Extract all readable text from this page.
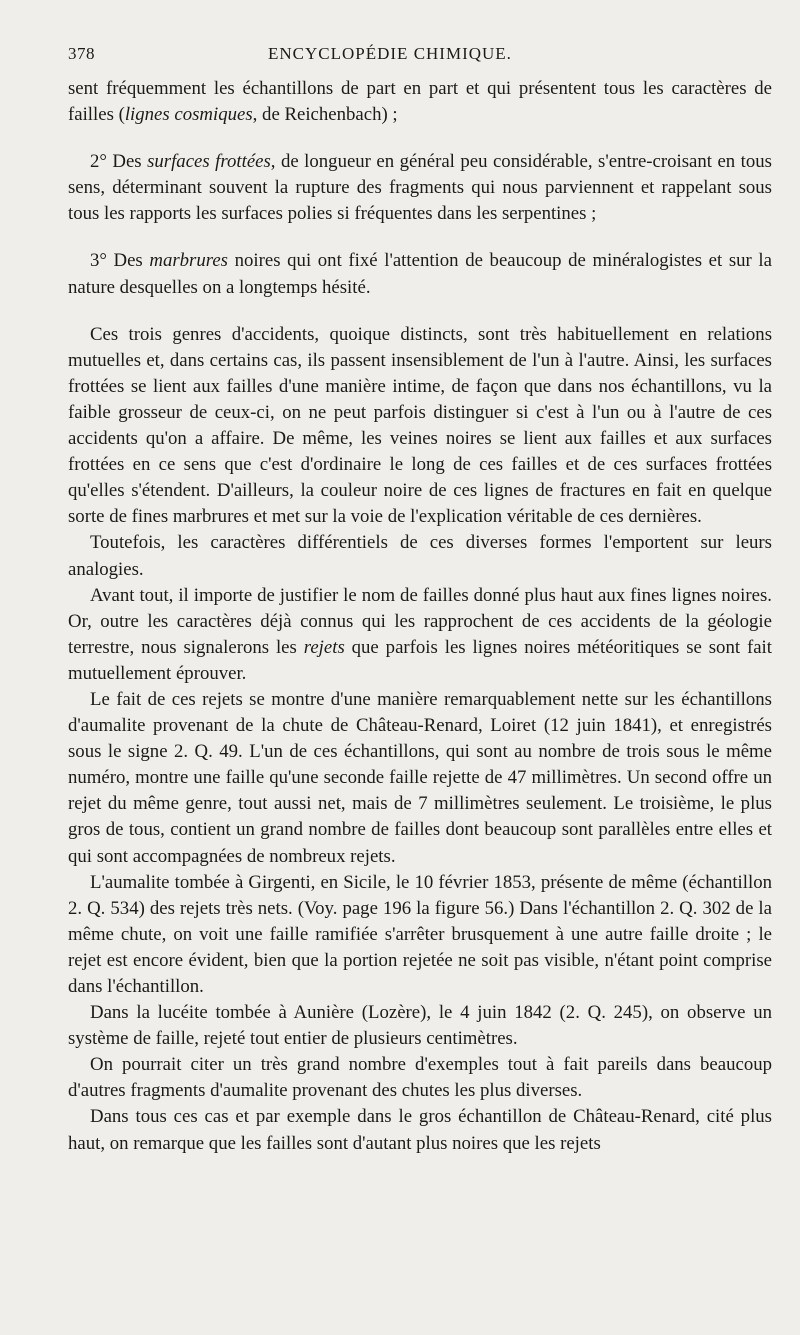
378	ENCYCLOPÉDIE CHIMIQUE.

sent fréquemment les échantillons de part en part et qui présentent tous les caractères de failles (lignes cosmiques, de Reichenbach) ;

2° Des surfaces frottées, de longueur en général peu considérable, s'entre-croisant en tous sens, déterminant souvent la rupture des fragments qui nous parviennent et rappelant sous tous les rapports les surfaces polies si fréquentes dans les serpentines ;

3° Des marbrures noires qui ont fixé l'attention de beaucoup de minéralogistes et sur la nature desquelles on a longtemps hésité.

Ces trois genres d'accidents, quoique distincts, sont très habituellement en relations mutuelles et, dans certains cas, ils passent insensiblement de l'un à l'autre. Ainsi, les surfaces frottées se lient aux failles d'une manière intime, de façon que dans nos échantillons, vu la faible grosseur de ceux-ci, on ne peut parfois distinguer si c'est à l'un ou à l'autre de ces accidents qu'on a affaire. De même, les veines noires se lient aux failles et aux surfaces frottées en ce sens que c'est d'ordinaire le long de ces failles et de ces surfaces frottées qu'elles s'étendent. D'ailleurs, la couleur noire de ces lignes de fractures en fait en quelque sorte de fines marbrures et met sur la voie de l'explication véritable de ces dernières.

Toutefois, les caractères différentiels de ces diverses formes l'emportent sur leurs analogies.

Avant tout, il importe de justifier le nom de failles donné plus haut aux fines lignes noires. Or, outre les caractères déjà connus qui les rapprochent de ces accidents de la géologie terrestre, nous signalerons les rejets que parfois les lignes noires météoritiques se sont fait mutuellement éprouver.

Le fait de ces rejets se montre d'une manière remarquablement nette sur les échantillons d'aumalite provenant de la chute de Château-Renard, Loiret (12 juin 1841), et enregistrés sous le signe 2. Q. 49. L'un de ces échantillons, qui sont au nombre de trois sous le même numéro, montre une faille qu'une seconde faille rejette de 47 millimètres. Un second offre un rejet du même genre, tout aussi net, mais de 7 millimètres seulement. Le troisième, le plus gros de tous, contient un grand nombre de failles dont beaucoup sont parallèles entre elles et qui sont accompagnées de nombreux rejets.

L'aumalite tombée à Girgenti, en Sicile, le 10 février 1853, présente de même (échantillon 2. Q. 534) des rejets très nets. (Voy. page 196 la figure 56.) Dans l'échantillon 2. Q. 302 de la même chute, on voit une faille ramifiée s'arrêter brusquement à une autre faille droite ; le rejet est encore évident, bien que la portion rejetée ne soit pas visible, n'étant point comprise dans l'échantillon.

Dans la lucéite tombée à Aunière (Lozère), le 4 juin 1842 (2. Q. 245), on observe un système de faille, rejeté tout entier de plusieurs centimètres.

On pourrait citer un très grand nombre d'exemples tout à fait pareils dans beaucoup d'autres fragments d'aumalite provenant des chutes les plus diverses.

Dans tous ces cas et par exemple dans le gros échantillon de Château-Renard, cité plus haut, on remarque que les failles sont d'autant plus noires que les rejets
